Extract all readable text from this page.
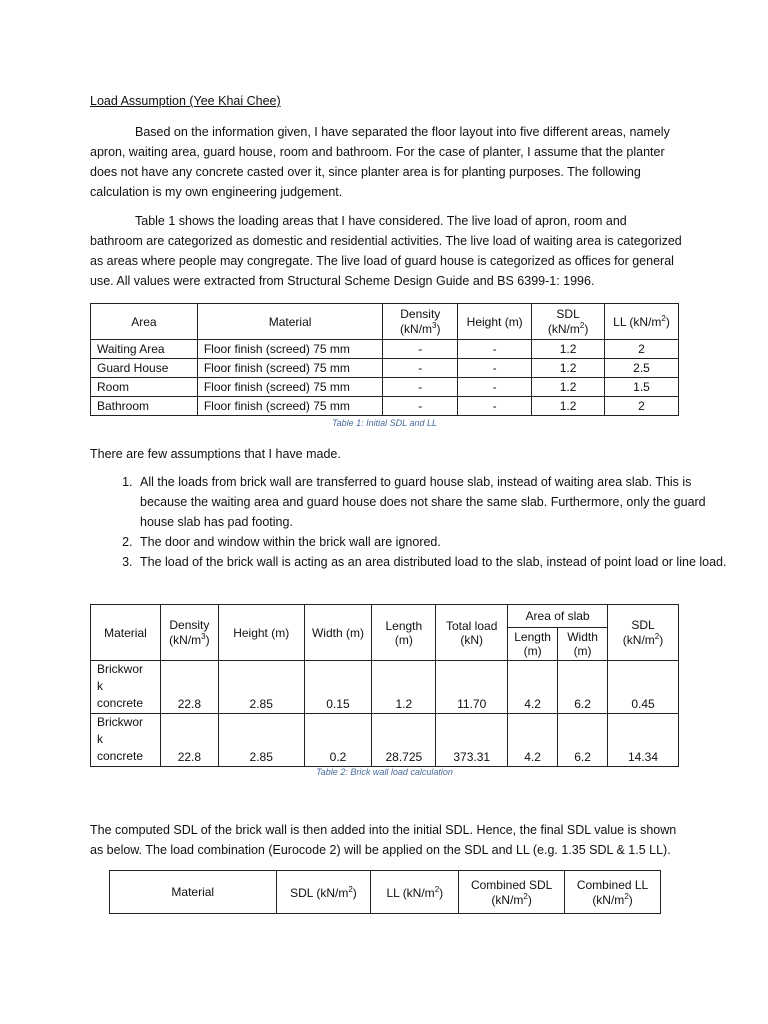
Load Assumption (Yee Khai Chee)

Based on the information given, I have separated the floor layout into five different areas, namely apron, waiting area, guard house, room and bathroom. For the case of planter, I assume that the planter does not have any concrete casted over it, since planter area is for planting purposes. The following calculation is my own engineering judgement.

Table 1 shows the loading areas that I have considered. The live load of apron, room and bathroom are categorized as domestic and residential activities. The live load of waiting area is categorized as areas where people may congregate. The live load of guard house is categorized as offices for general use. All values were extracted from Structural Scheme Design Guide and BS 6399-1: 1996.

Area	Material	Density $(kN/m^3)$	Height (m)	SDL $(kN/m^2)$	LL $(kN/m^2)$
Waiting Area	Floor finish (screed) 75 mm	-	-	1.2	2
Guard House	Floor finish (screed) 75 mm	-	-	1.2	2.5
Room	Floor finish (screed) 75 mm	-	-	1.2	1.5
Bathroom	Floor finish (screed) 75 mm	-	-	1.2	2
Table 1: Initial SDL and LL

There are few assumptions that I have made.

1. All the loads from brick wall are transferred to guard house slab, instead of waiting area slab. This is because the waiting area and guard house does not share the same slab. Furthermore, only the guard house slab has pad footing.
2. The door and window within the brick wall are ignored.
3. The load of the brick wall is acting as an area distributed load to the slab, instead of point load or line load.
Material	Density $(kN/m^3)$	Height (m)	Width (m)	Length (m)	Total load (kN)	Area of slab		SDL $(kN/m^2)$
						Length (m)	Width (m)	
Brickwor
k
concrete	22.8	2.85	0.15	1.2	11.70	4.2	6.2	0.45
Brickwor
k
concrete	22.8	2.85	0.2	28.725	373.31	4.2	6.2	14.34
Table 2: Brick wall load calculation

The computed SDL of the brick wall is then added into the initial SDL. Hence, the final SDL value is shown as below. The load combination (Eurocode 2) will be applied on the SDL and LL (e.g. 1.35 SDL & 1.5 LL).

Material	SDL $(kN/m^2)$	LL $(kN/m^2)$	Combined SDL $(kN/m^2)$	Combined LL $(kN/m^2)$
